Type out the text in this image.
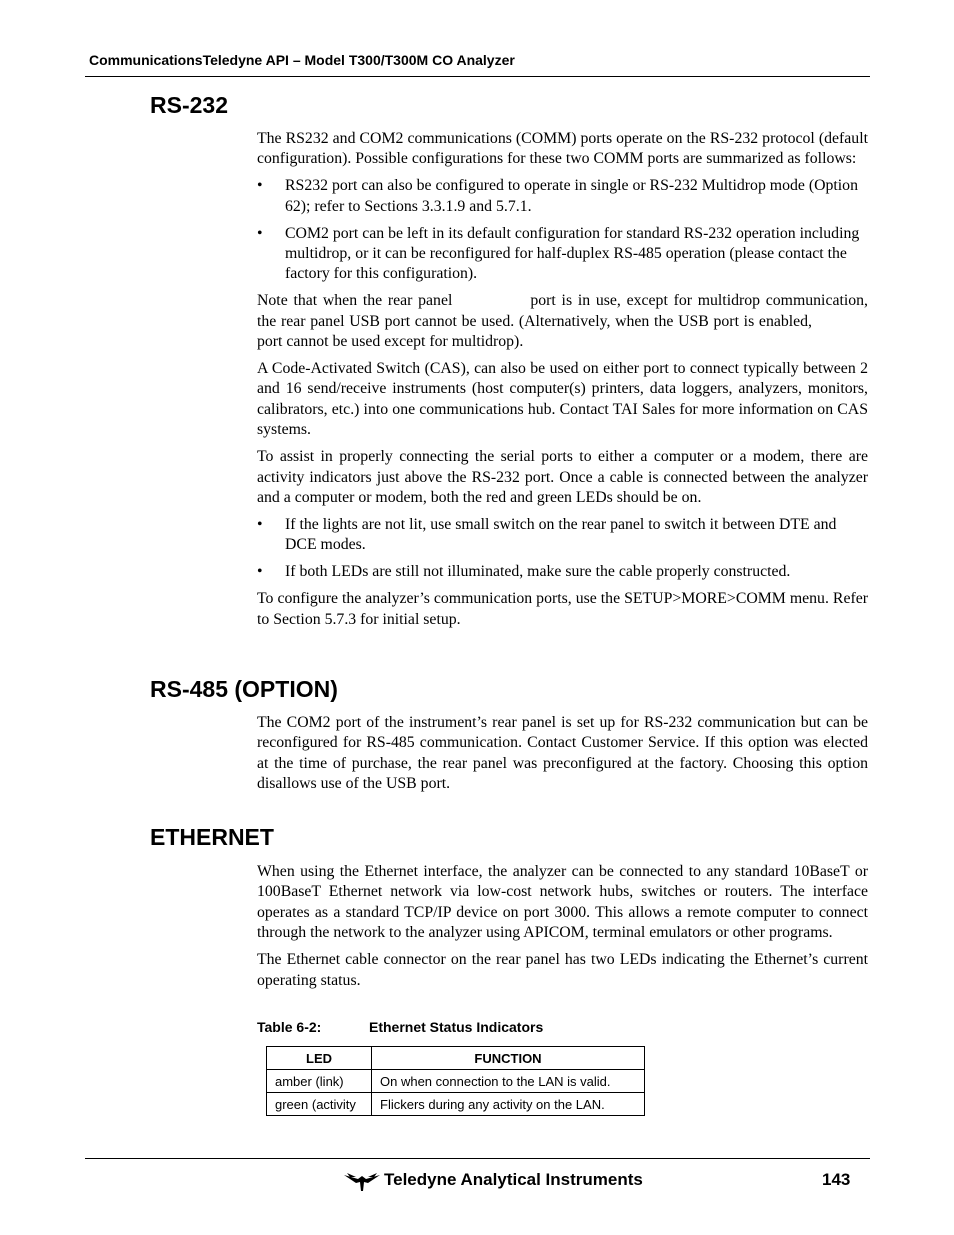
CommunicationsTeledyne API – Model T300/T300M CO Analyzer
RS-232

The RS232 and COM2 communications (COMM) ports operate on the RS-232 protocol (default configuration). Possible configurations for these two COMM ports are summarized as follows:

• RS232 port can also be configured to operate in single or RS-232 Multidrop mode (Option 62); refer to Sections 3.3.1.9 and 5.7.1.
• COM2 port can be left in its default configuration for standard RS-232 operation including multidrop, or it can be reconfigured for half-duplex RS-485 operation (please contact the factory for this configuration).

Note that when the rear panel	port is in use, except for multidrop communication, the rear panel USB port cannot be used. (Alternatively, when the USB port is enabled,port cannot be used except for multidrop).

A Code-Activated Switch (CAS), can also be used on either port to connect typically between 2 and 16 send/receive instruments (host computer(s) printers, data loggers, analyzers, monitors, calibrators, etc.) into one communications hub. Contact TAI Sales for more information on CAS systems.

To assist in properly connecting the serial ports to either a computer or a modem, there are activity indicators just above the RS-232 port. Once a cable is connected between the analyzer and a computer or modem, both the red and green LEDs should be on.

• If the lights are not lit, use small switch on the rear panel to switch it between DTE and DCE modes.
• If both LEDs are still not illuminated, make sure the cable properly constructed.

To configure the analyzer’s communication ports, use the SETUP>MORE>COMM menu. Refer to Section 5.7.3 for initial setup.

RS-485 (OPTION)

The COM2 port of the instrument’s rear panel is set up for RS-232 communication but can be reconfigured for RS-485 communication. Contact Customer Service. If this option was elected at the time of purchase, the rear panel was preconfigured at the factory. Choosing this option disallows use of the USB port.

ETHERNET

When using the Ethernet interface, the analyzer can be connected to any standard 10BaseT or 100BaseT Ethernet network via low-cost network hubs, switches or routers. The interface operates as a standard TCP/IP device on port 3000. This allows a remote computer to connect through the network to the analyzer using APICOM, terminal emulators or other programs.

The Ethernet cable connector on the rear panel has two LEDs indicating the Ethernet’s current operating status.

Table 6-2:	Ethernet Status Indicators
LED	FUNCTION
amber (link)	On when connection to the LAN is valid.
green (activity	Flickers during any activity on the LAN.
Teledyne Analytical Instruments	143
